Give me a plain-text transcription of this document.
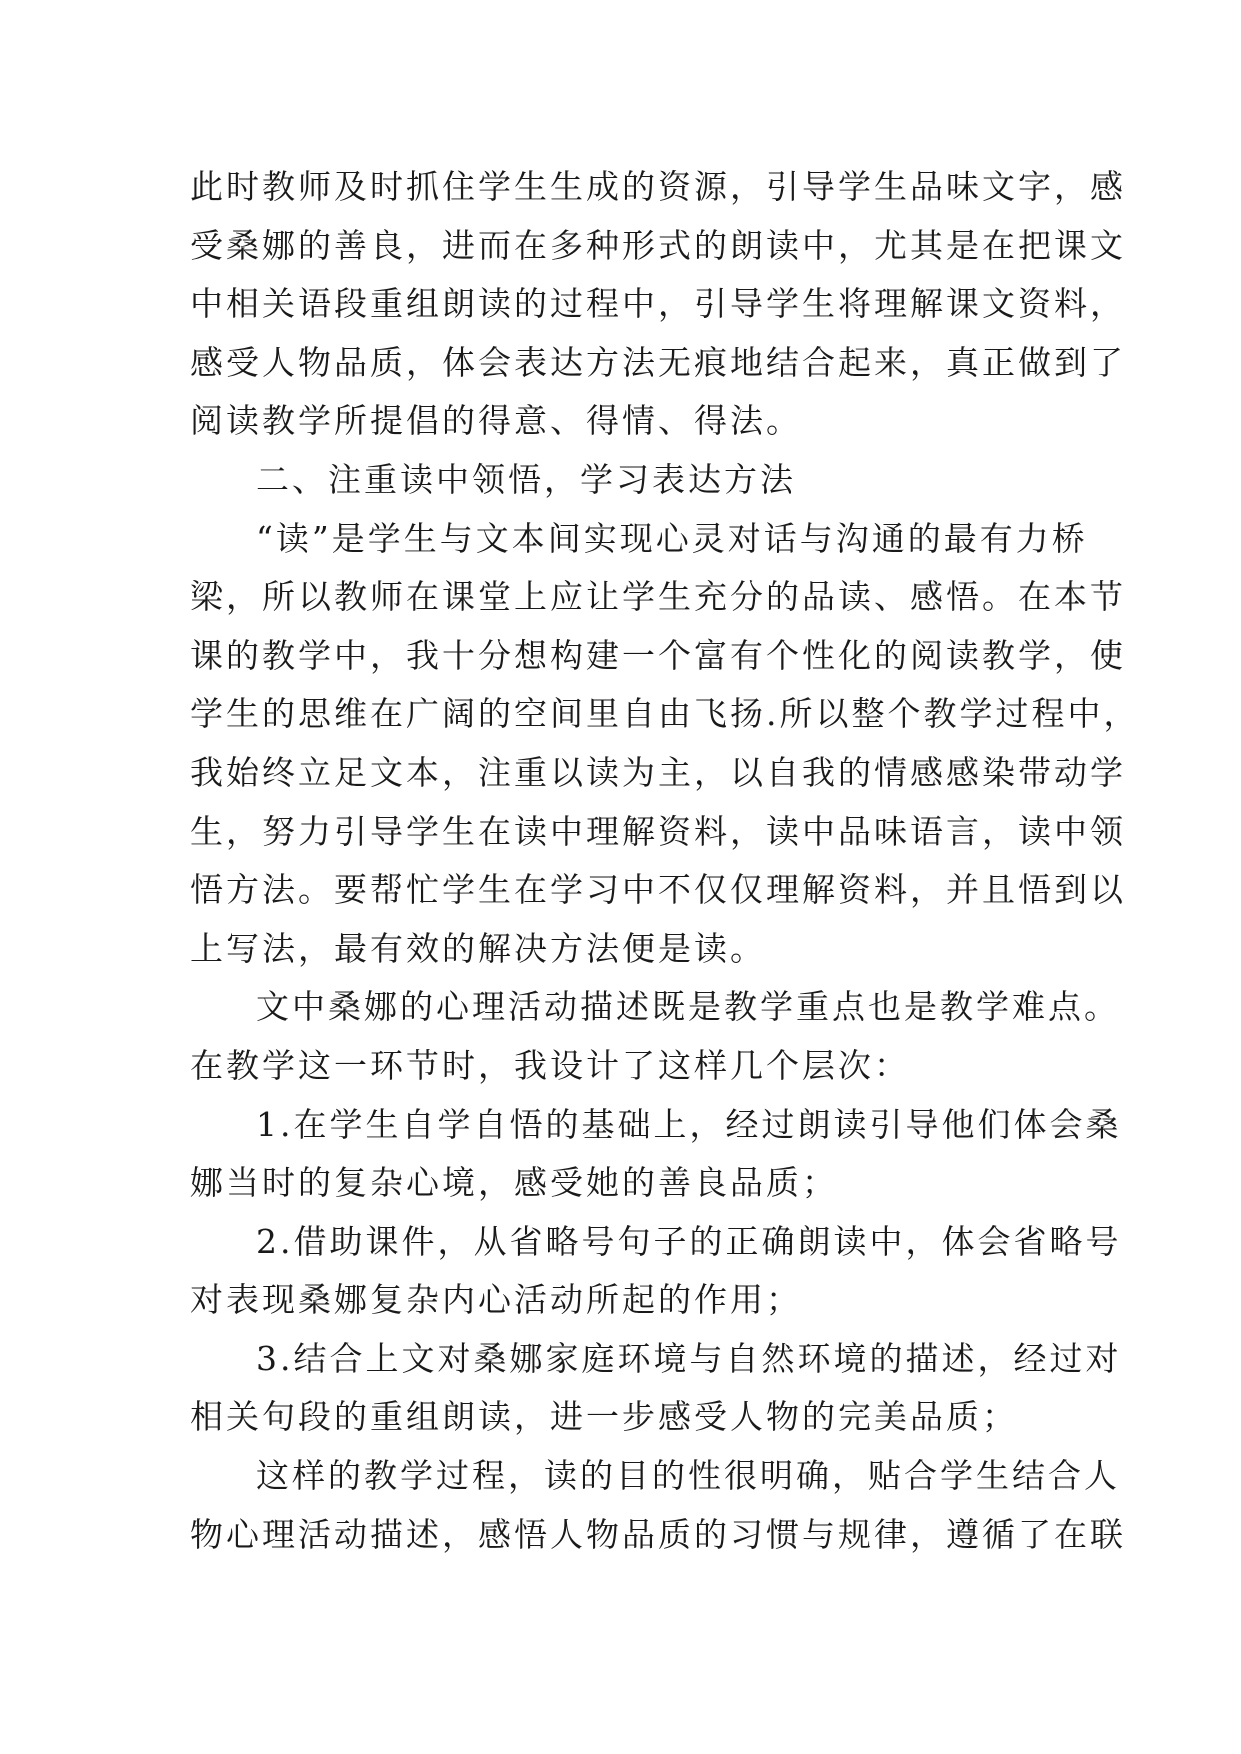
此时教师及时抓住学生生成的资源，引导学生品味文字，感
受桑娜的善良，进而在多种形式的朗读中，尤其是在把课文
中相关语段重组朗读的过程中，引导学生将理解课文资料，
感受人物品质，体会表达方法无痕地结合起来，真正做到了
阅读教学所提倡的得意、得情、得法。
二、注重读中领悟，学习表达方法
“读”是学生与文本间实现心灵对话与沟通的最有力桥
梁，所以教师在课堂上应让学生充分的品读、感悟。在本节
课的教学中，我十分想构建一个富有个性化的阅读教学，使
学生的思维在广阔的空间里自由飞扬.所以整个教学过程中，
我始终立足文本，注重以读为主，以自我的情感感染带动学
生，努力引导学生在读中理解资料，读中品味语言，读中领
悟方法。要帮忙学生在学习中不仅仅理解资料，并且悟到以
上写法，最有效的解决方法便是读。
文中桑娜的心理活动描述既是教学重点也是教学难点。
在教学这一环节时，我设计了这样几个层次：
1.在学生自学自悟的基础上，经过朗读引导他们体会桑
娜当时的复杂心境，感受她的善良品质；
2.借助课件，从省略号句子的正确朗读中，体会省略号
对表现桑娜复杂内心活动所起的作用；
3.结合上文对桑娜家庭环境与自然环境的描述，经过对
相关句段的重组朗读，进一步感受人物的完美品质；
这样的教学过程，读的目的性很明确，贴合学生结合人
物心理活动描述，感悟人物品质的习惯与规律，遵循了在联
